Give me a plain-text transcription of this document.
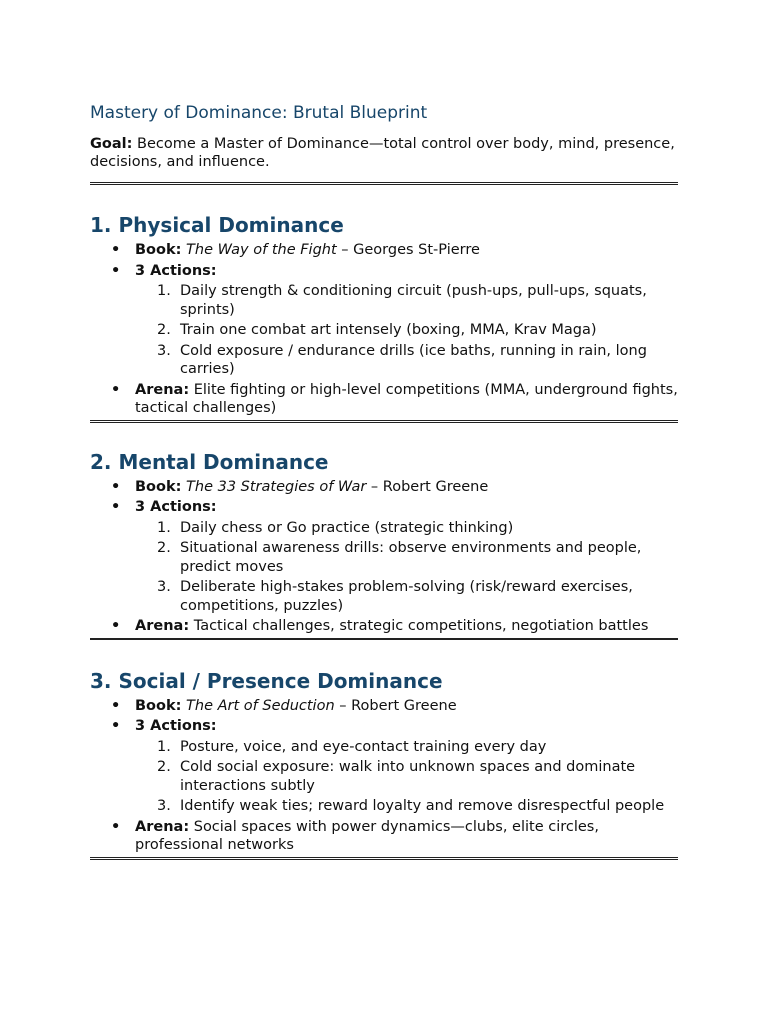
Mastery of Dominance: Brutal Blueprint

Goal: Become a Master of Dominance—total control over body, mind, presence, decisions, and influence.

1. Physical Dominance
• Book: The Way of the Fight – Georges St-Pierre
• 3 Actions:
1. Daily strength & conditioning circuit (push-ups, pull-ups, squats, sprints)
2. Train one combat art intensely (boxing, MMA, Krav Maga)
3. Cold exposure / endurance drills (ice baths, running in rain, long carries)
• Arena: Elite fighting or high-level competitions (MMA, underground fights, tactical challenges)
2. Mental Dominance
• Book: The 33 Strategies of War – Robert Greene
• 3 Actions:
1. Daily chess or Go practice (strategic thinking)
2. Situational awareness drills: observe environments and people, predict moves
3. Deliberate high-stakes problem-solving (risk/reward exercises, competitions, puzzles)
• Arena: Tactical challenges, strategic competitions, negotiation battles
3. Social / Presence Dominance
• Book: The Art of Seduction – Robert Greene
• 3 Actions:
1. Posture, voice, and eye-contact training every day
2. Cold social exposure: walk into unknown spaces and dominate interactions subtly
3. Identify weak ties; reward loyalty and remove disrespectful people
• Arena: Social spaces with power dynamics—clubs, elite circles, professional networks
